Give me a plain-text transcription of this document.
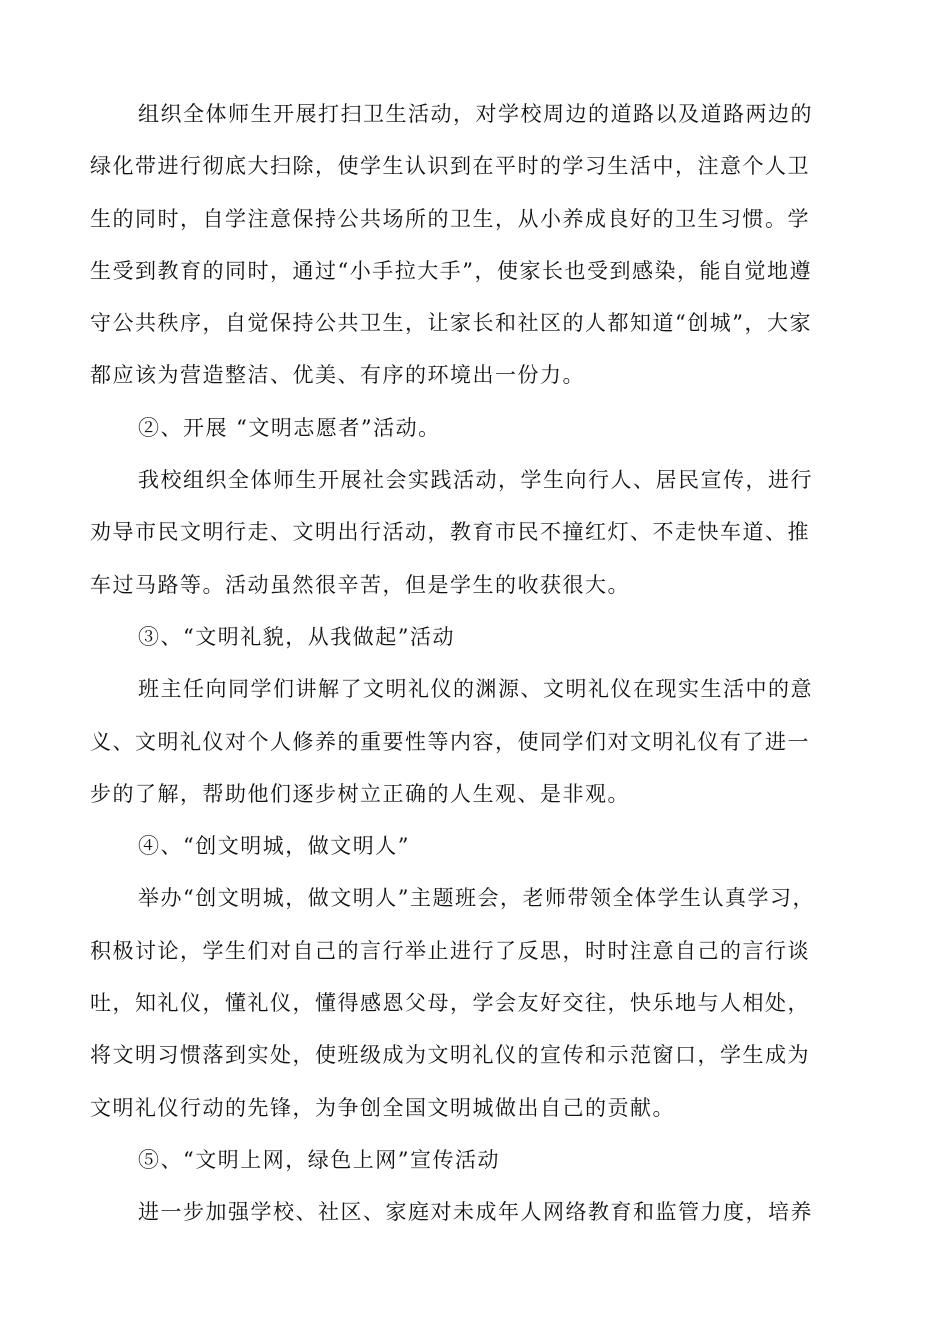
组织全体师生开展打扫卫生活动，对学校周边的道路以及道路两边的
绿化带进行彻底大扫除，使学生认识到在平时的学习生活中，注意个人卫
生的同时，自学注意保持公共场所的卫生，从小养成良好的卫生习惯。学
生受到教育的同时，通过“小手拉大手”，使家长也受到感染，能自觉地遵
守公共秩序，自觉保持公共卫生，让家长和社区的人都知道“创城”，大家
都应该为营造整洁、优美、有序的环境出一份力。
②、开展 “文明志愿者”活动。
我校组织全体师生开展社会实践活动，学生向行人、居民宣传，进行
劝导市民文明行走、文明出行活动，教育市民不撞红灯、不走快车道、推
车过马路等。活动虽然很辛苦，但是学生的收获很大。
③、“文明礼貌，从我做起”活动
班主任向同学们讲解了文明礼仪的渊源、文明礼仪在现实生活中的意
义、文明礼仪对个人修养的重要性等内容，使同学们对文明礼仪有了进一
步的了解，帮助他们逐步树立正确的人生观、是非观。
④、“创文明城，做文明人”
举办“创文明城，做文明人”主题班会，老师带领全体学生认真学习，
积极讨论，学生们对自己的言行举止进行了反思，时时注意自己的言行谈
吐，知礼仪，懂礼仪，懂得感恩父母，学会友好交往，快乐地与人相处，
将文明习惯落到实处，使班级成为文明礼仪的宣传和示范窗口，学生成为
文明礼仪行动的先锋，为争创全国文明城做出自己的贡献。
⑤、“文明上网，绿色上网”宣传活动
进一步加强学校、社区、家庭对未成年人网络教育和监管力度，培养
